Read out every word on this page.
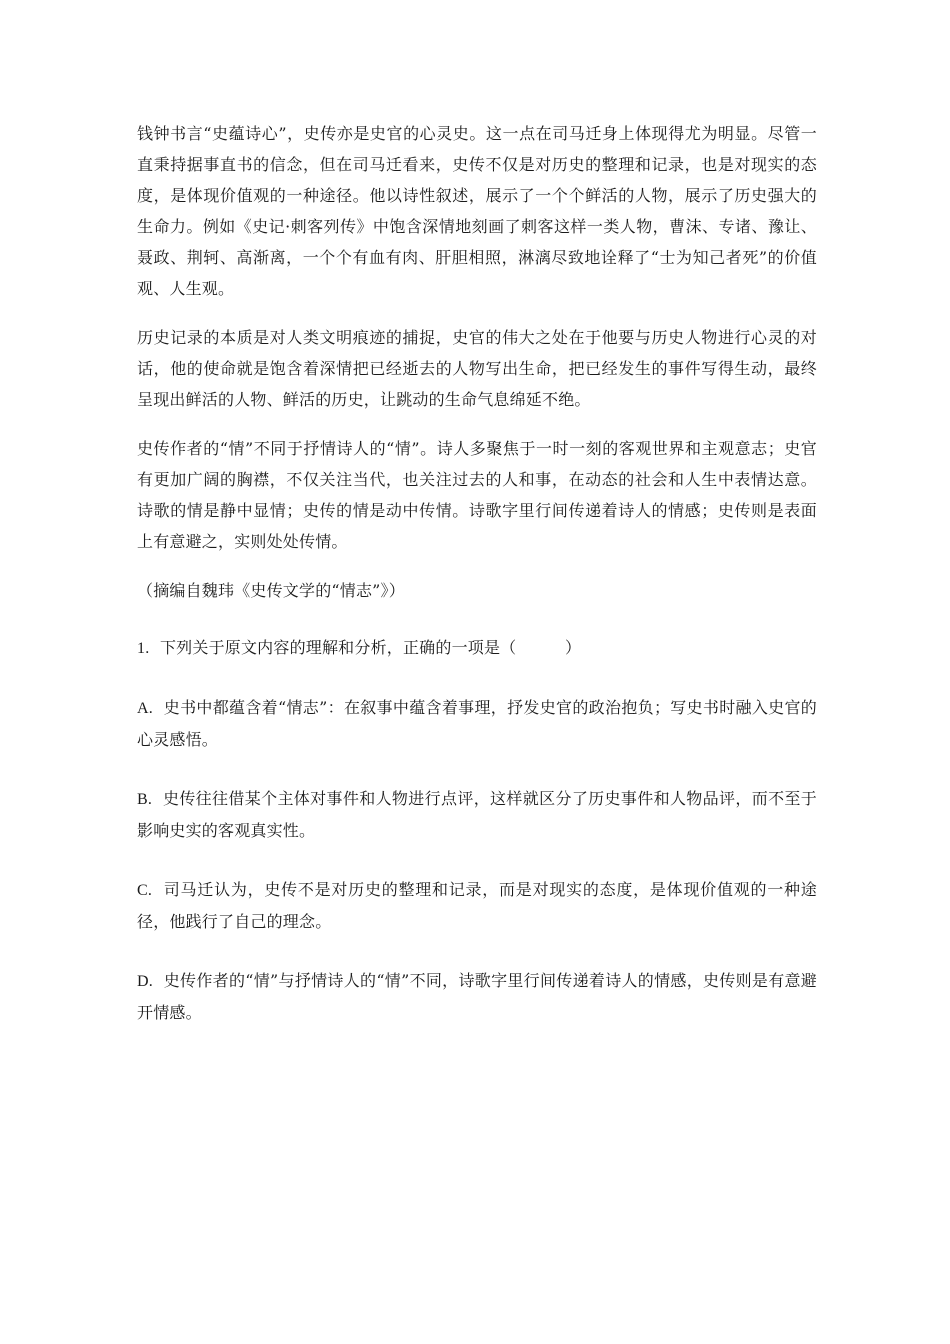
钱钟书言“史蕴诗心”，史传亦是史官的心灵史。这一点在司马迁身上体现得尤为明显。尽管一直秉持据事直书的信念，但在司马迁看来，史传不仅是对历史的整理和记录，也是对现实的态度，是体现价值观的一种途径。他以诗性叙述，展示了一个个鲜活的人物，展示了历史强大的生命力。例如《史记·刺客列传》中饱含深情地刻画了刺客这样一类人物，曹沫、专诸、豫让、聂政、荆轲、高渐离，一个个有血有肉、肝胆相照，淋漓尽致地诠释了“士为知己者死”的价值观、人生观。

历史记录的本质是对人类文明痕迹的捕捉，史官的伟大之处在于他要与历史人物进行心灵的对话，他的使命就是饱含着深情把已经逝去的人物写出生命，把已经发生的事件写得生动，最终呈现出鲜活的人物、鲜活的历史，让跳动的生命气息绵延不绝。

史传作者的“情”不同于抒情诗人的“情”。诗人多聚焦于一时一刻的客观世界和主观意志；史官有更加广阔的胸襟，不仅关注当代，也关注过去的人和事，在动态的社会和人生中表情达意。诗歌的情是静中显情；史传的情是动中传情。诗歌字里行间传递着诗人的情感；史传则是表面上有意避之，实则处处传情。

（摘编自魏玮《史传文学的“情志”》）

1. 下列关于原文内容的理解和分析，正确的一项是（　　　）

A. 史书中都蕴含着“情志”：在叙事中蕴含着事理，抒发史官的政治抱负；写史书时融入史官的心灵感悟。

B. 史传往往借某个主体对事件和人物进行点评，这样就区分了历史事件和人物品评，而不至于影响史实的客观真实性。

C. 司马迁认为，史传不是对历史的整理和记录，而是对现实的态度，是体现价值观的一种途径，他践行了自己的理念。

D. 史传作者的“情”与抒情诗人的“情”不同，诗歌字里行间传递着诗人的情感，史传则是有意避开情感。
